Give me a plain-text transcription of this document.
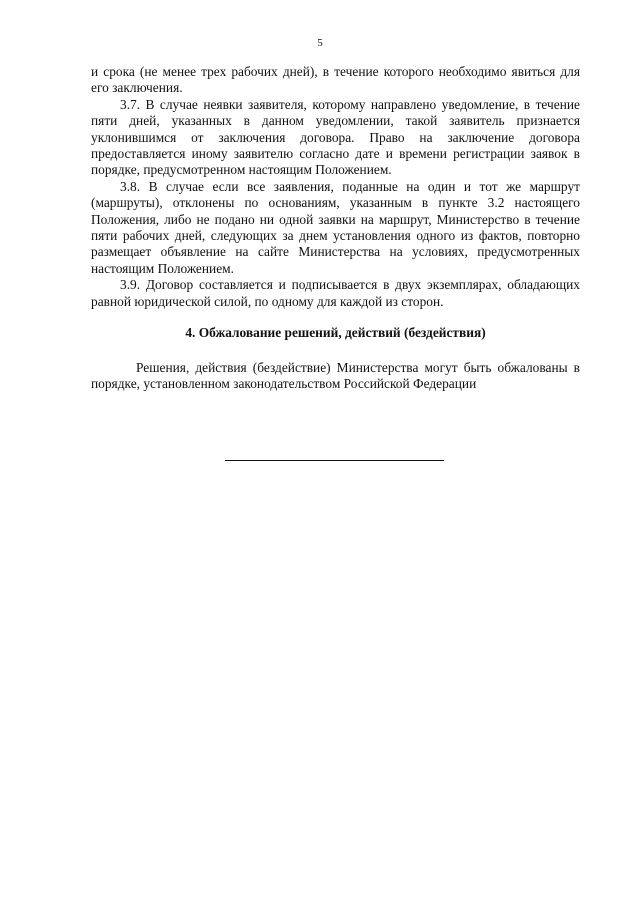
5

и срока (не менее трех рабочих дней), в течение которого необходимо явиться для его заключения.

3.7. В случае неявки заявителя, которому направлено уведомление, в течение пяти дней, указанных в данном уведомлении, такой заявитель признается уклонившимся от заключения договора. Право на заключение договора предоставляется иному заявителю согласно дате и времени регистрации заявок в порядке, предусмотренном настоящим Положением.

3.8. В случае если все заявления, поданные на один и тот же маршрут (маршруты), отклонены по основаниям, указанным в пункте 3.2 настоящего Положения, либо не подано ни одной заявки на маршрут, Министерство в течение пяти рабочих дней, следующих за днем установления одного из фактов, повторно размещает объявление на сайте Министерства на условиях, предусмотренных настоящим Положением.

3.9. Договор составляется и подписывается в двух экземплярах, обладающих равной юридической силой, по одному для каждой из сторон.

4. Обжалование решений, действий (бездействия)

Решения, действия (бездействие) Министерства могут быть обжалованы в порядке, установленном законодательством Российской Федерации
